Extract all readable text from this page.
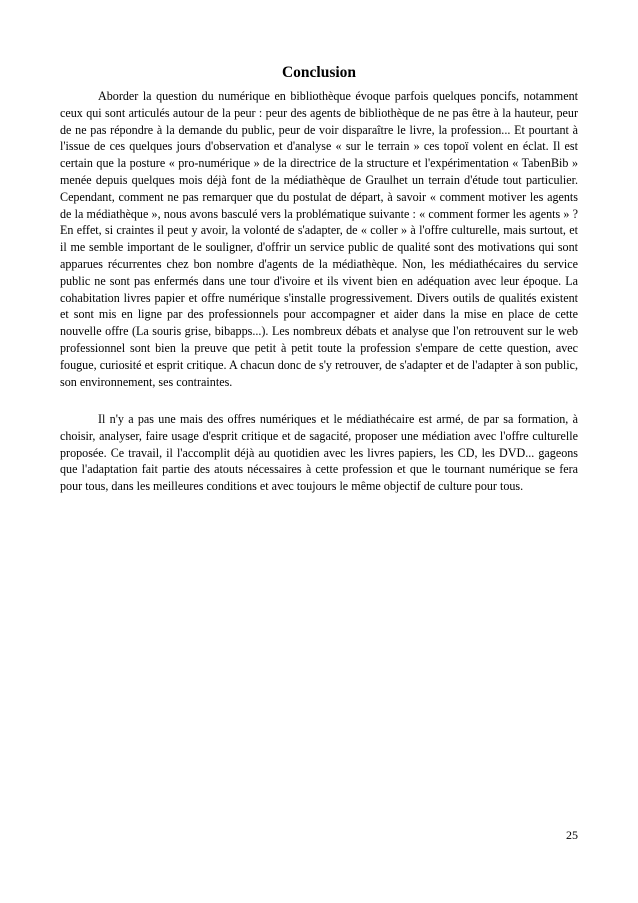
Conclusion

Aborder la question du numérique en bibliothèque évoque parfois quelques poncifs, notamment ceux qui sont articulés autour de la peur : peur des agents de bibliothèque de ne pas être à la hauteur, peur de ne pas répondre à la demande du public, peur de voir disparaître le livre, la profession... Et pourtant à l'issue de ces quelques jours d'observation et d'analyse « sur le terrain » ces topoï volent en éclat. Il est certain que la posture « pro-numérique » de la directrice de la structure et l'expérimentation « TabenBib » menée depuis quelques mois déjà font de la médiathèque de Graulhet un terrain d'étude tout particulier. Cependant, comment ne pas remarquer que du postulat de départ, à savoir « comment motiver les agents de la médiathèque », nous avons basculé vers la problématique suivante : « comment former les agents » ? En effet, si craintes il peut y avoir, la volonté de s'adapter, de « coller » à l'offre culturelle, mais surtout, et il me semble important de le souligner, d'offrir un service public de qualité sont des motivations qui sont apparues récurrentes chez bon nombre d'agents de la médiathèque. Non, les médiathécaires du service public ne sont pas enfermés dans une tour d'ivoire et ils vivent bien en adéquation avec leur époque. La cohabitation livres papier et offre numérique s'installe progressivement. Divers outils de qualités existent et sont mis en ligne par des professionnels pour accompagner et aider dans la mise en place de cette nouvelle offre (La souris grise, bibapps...). Les nombreux débats et analyse que l'on retrouvent sur le web professionnel sont bien la preuve que petit à petit toute la profession s'empare de cette question, avec fougue, curiosité et esprit critique. A chacun donc de s'y retrouver, de s'adapter et de l'adapter à son public, son environnement, ses contraintes.

Il n'y a pas une mais des offres numériques et le médiathécaire est armé, de par sa formation, à choisir, analyser, faire usage d'esprit critique et de sagacité, proposer une médiation avec l'offre culturelle proposée. Ce travail, il l'accomplit déjà au quotidien avec les livres papiers, les CD, les DVD... gageons que l'adaptation fait partie des atouts nécessaires à cette profession et que le tournant numérique se fera pour tous, dans les meilleures conditions et avec toujours le même objectif de culture pour tous.

25
